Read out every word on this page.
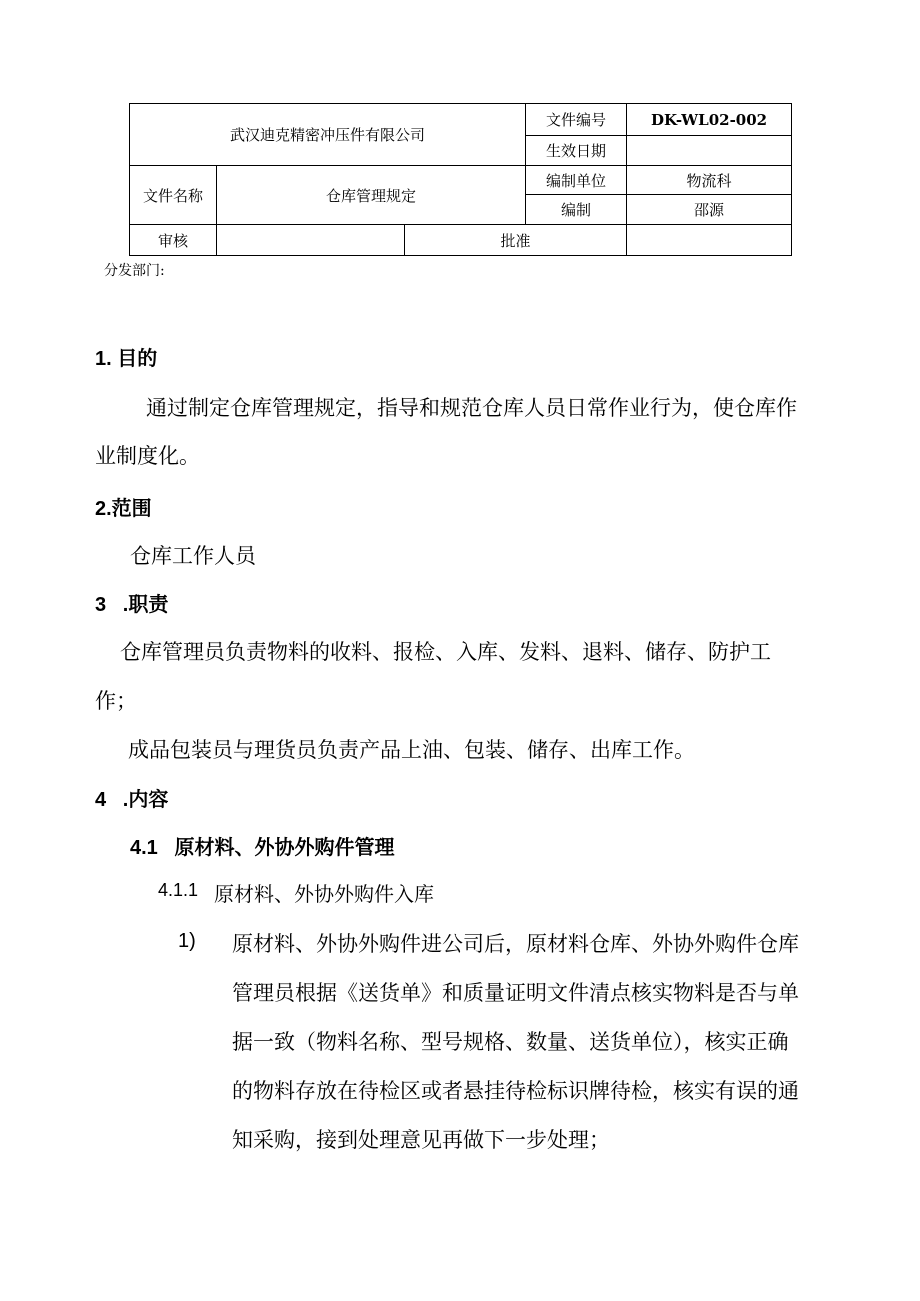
武汉迪克精密冲压件有限公司			文件编号	DK-WL02-002
			生效日期	
文件名称	仓库管理规定		编制单位	物流科
			编制	邵源
审核		批准		
分发部门:
1. 目的
通过制定仓库管理规定，指导和规范仓库人员日常作业行为，使仓库作
业制度化。
2.范围
仓库工作人员
3   .职责
仓库管理员负责物料的收料、报检、入库、发料、退料、储存、防护工
作；
成品包装员与理货员负责产品上油、包装、储存、出库工作。
4   .内容
4.1   原材料、外协外购件管理
4.1.1 原材料、外协外购件入库
1) 原材料、外协外购件进公司后，原材料仓库、外协外购件仓库
管理员根据《送货单》和质量证明文件清点核实物料是否与单
据一致（物料名称、型号规格、数量、送货单位），核实正确
的物料存放在待检区或者悬挂待检标识牌待检，核实有误的通
知采购，接到处理意见再做下一步处理；
